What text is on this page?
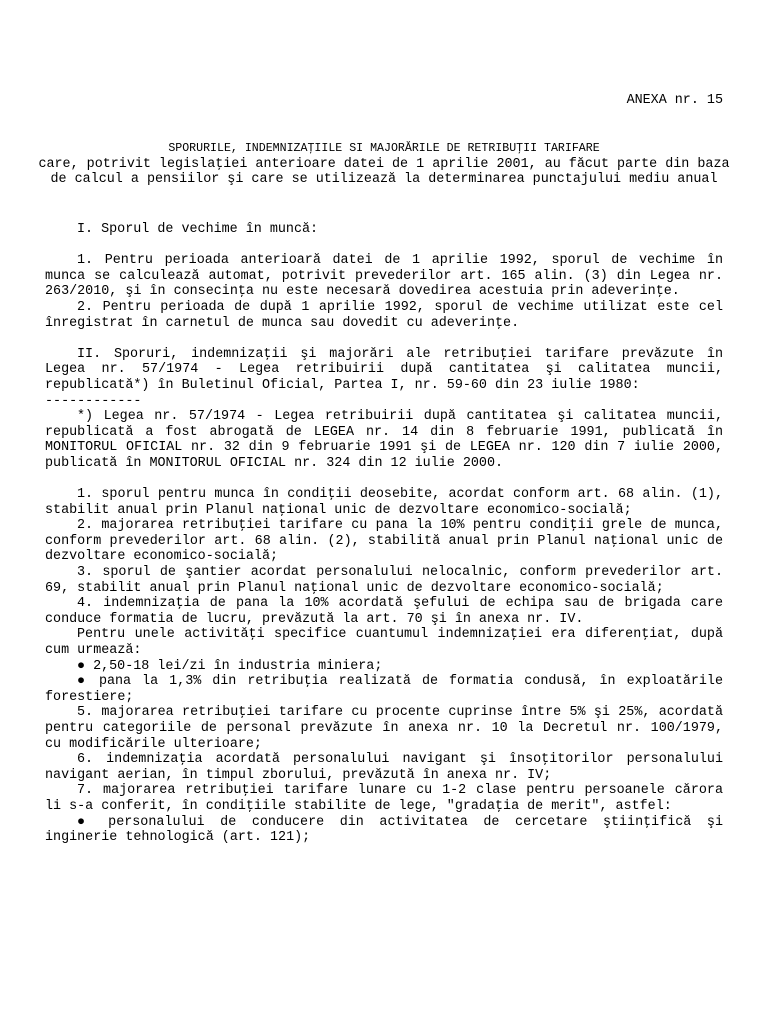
ANEXA nr. 15
SPORURILE, INDEMNIZAŢIILE SI MAJORĂRILE DE RETRIBUŢII TARIFARE
care, potrivit legislaţiei anterioare datei de 1 aprilie 2001, au făcut parte din baza de calcul a pensiilor şi care se utilizează la determinarea punctajului mediu anual

I. Sporul de vechime în muncă:

1. Pentru perioada anterioară datei de 1 aprilie 1992, sporul de vechime în munca se calculează automat, potrivit prevederilor art. 165 alin. (3) din Legea nr. 263/2010, şi în consecinţa nu este necesară dovedirea acestuia prin adeverinţe.

2. Pentru perioada de după 1 aprilie 1992, sporul de vechime utilizat este cel înregistrat în carnetul de munca sau dovedit cu adeverinţe.

II. Sporuri, indemnizaţii şi majorări ale retribuţiei tarifare prevăzute în Legea nr. 57/1974 - Legea retribuirii după cantitatea şi calitatea muncii, republicată*) în Buletinul Oficial, Partea I, nr. 59-60 din 23 iulie 1980:

------------

*) Legea nr. 57/1974 - Legea retribuirii după cantitatea şi calitatea muncii, republicată a fost abrogată de LEGEA nr. 14 din 8 februarie 1991, publicată în MONITORUL OFICIAL nr. 32 din 9 februarie 1991 şi de LEGEA nr. 120 din 7 iulie 2000, publicată în MONITORUL OFICIAL nr. 324 din 12 iulie 2000.

1. sporul pentru munca în condiţii deosebite, acordat conform art. 68 alin. (1), stabilit anual prin Planul naţional unic de dezvoltare economico-socială;

2. majorarea retribuţiei tarifare cu pana la 10% pentru condiţii grele de munca, conform prevederilor art. 68 alin. (2), stabilită anual prin Planul naţional unic de dezvoltare economico-socială;

3. sporul de şantier acordat personalului nelocalnic, conform prevederilor art. 69, stabilit anual prin Planul naţional unic de dezvoltare economico-socială;

4. indemnizaţia de pana la 10% acordată şefului de echipa sau de brigada care conduce formatia de lucru, prevăzută la art. 70 şi în anexa nr. IV.

Pentru unele activităţi specifice cuantumul indemnizaţiei era diferenţiat, după cum urmează:

● 2,50-18 lei/zi în industria miniera;

● pana la 1,3% din retribuţia realizată de formatia condusă, în exploatările forestiere;

5. majorarea retribuţiei tarifare cu procente cuprinse între 5% şi 25%, acordată pentru categoriile de personal prevăzute în anexa nr. 10 la Decretul nr. 100/1979, cu modificările ulterioare;

6. indemnizaţia acordată personalului navigant şi însoţitorilor personalului navigant aerian, în timpul zborului, prevăzută în anexa nr. IV;

7. majorarea retribuţiei tarifare lunare cu 1-2 clase pentru persoanele cărora li s-a conferit, în condiţiile stabilite de lege, "gradaţia de merit", astfel:

● personalului de conducere din activitatea de cercetare ştiinţifică şi inginerie tehnologică (art. 121);
